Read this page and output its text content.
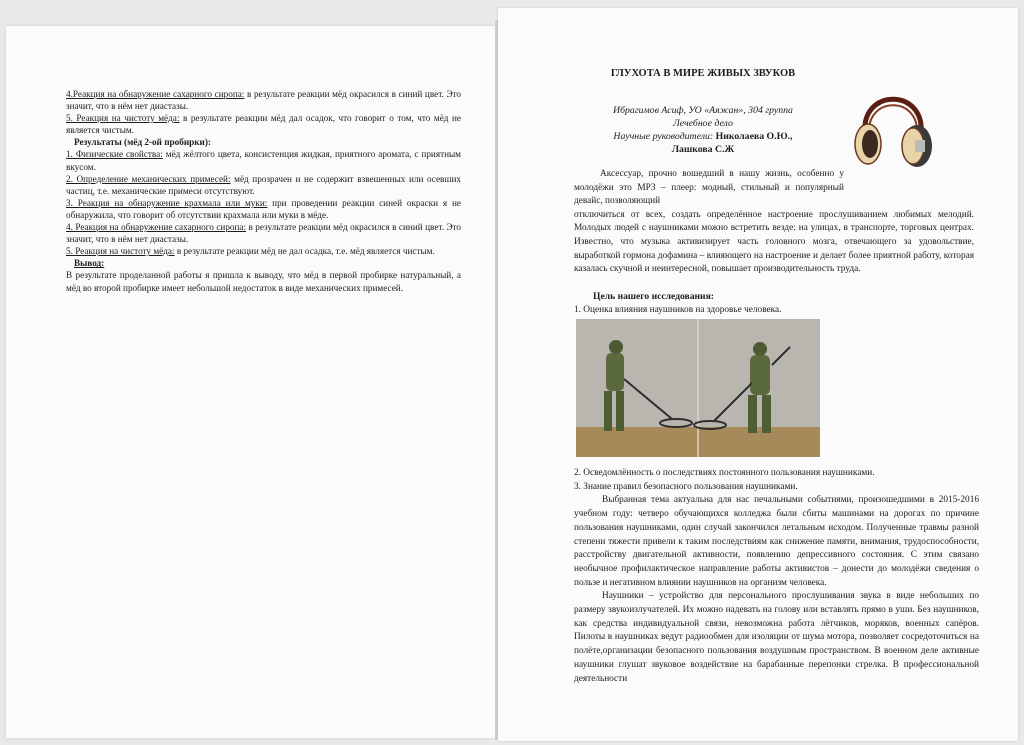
4.Реакция на обнаружение сахарного сиропа: в результате реакции мёд окрасился в синий цвет. Это значит, что в нём нет диастазы.

5. Реакция на чистоту мёда: в результате реакции мёд дал осадок, что говорит о том, что мёд не является чистым.

Результаты (мёд 2-ой пробирки):

1. Физические свойства: мёд жёлтого цвета, консистенция жидкая, приятного аромата, с приятным вкусом.

2. Определение механических примесей: мёд прозрачен и не содержит взвешенных или осевших частиц, т.е. механические примеси отсутствуют.

3. Реакция на обнаружение крахмала или муки: при проведении реакции синей окраски я не обнаружила, что говорит об отсутствии крахмала или муки в мёде.

4. Реакция на обнаружение сахарного сиропа: в результате реакции мёд окрасился в синий цвет. Это значит, что в нём нет диастазы.

5. Реакция на чистоту мёда: в результате реакции мёд не дал осадка, т.е. мёд является чистым.

Вывод:

В результате проделанной работы я пришла к выводу, что мёд в первой пробирке натуральный, а мёд во второй пробирке имеет небольшой недостаток в виде механических примесей.

ГЛУХОТА В МИРЕ ЖИВЫХ ЗВУКОВ
Ибрагимов Асиф, УО «Аяжан», 304 группа
Лечебное дело
Научные руководители: Николаева О.Ю.,
Лашкова С.Ж

Аксессуар, прочно вошедший в нашу жизнь, особенно у молодёжи это МР3 – плеер: модный, стильный и популярный девайс, позволяющий

отключиться от всех, создать определённое настроение прослушиванием любимых мелодий. Молодых людей с наушниками можно встретить везде: на улицах, в транспорте, торговых центрах. Известно, что музыка активизирует часть головного мозга, отвечающего за удовольствие, выработкой гормона дофамина – влияющего на настроение и делает более приятной работу, которая казалась скучной и неинтересной, повышает производительность труда.

Цель нашего исследования:
1. Оценка влияния наушников на здоровье человека.

2. Осведомлённость о последствиях постоянного пользования наушниками.

3. Знание правил безопасного пользования наушниками.

Выбранная тема актуальна для нас печальными событиями, произошедшими в 2015-2016 учебном году: четверо обучающихся колледжа были сбиты машинами на дорогах по причине пользования наушниками, один случай закончился летальным исходом. Полученные травмы разной степени тяжести привели к таким последствиям как снижение памяти, внимания, трудоспособности, расстройству двигательной активности, появлению депрессивного состояния. С этим связано необычное профилактическое направление работы активистов – донести до молодёжи сведения о пользе и негативном влиянии наушников на организм человека.

Наушники – устройство для персонального прослушивания звука в виде небольших по размеру звукоизлучателей. Их можно надевать на голову или вставлять прямо в уши. Без наушников, как средства индивидуальной связи, невозможна работа лётчиков, моряков, военных сапёров. Пилоты в наушниках ведут радиообмен для изоляции от шума мотора, позволяет сосредоточиться на полёте,организации безопасного пользования воздушным пространством. В военном деле активные наушники глушат звуковое воздействие на барабанные перепонки стрелка. В профессиональной деятельности
